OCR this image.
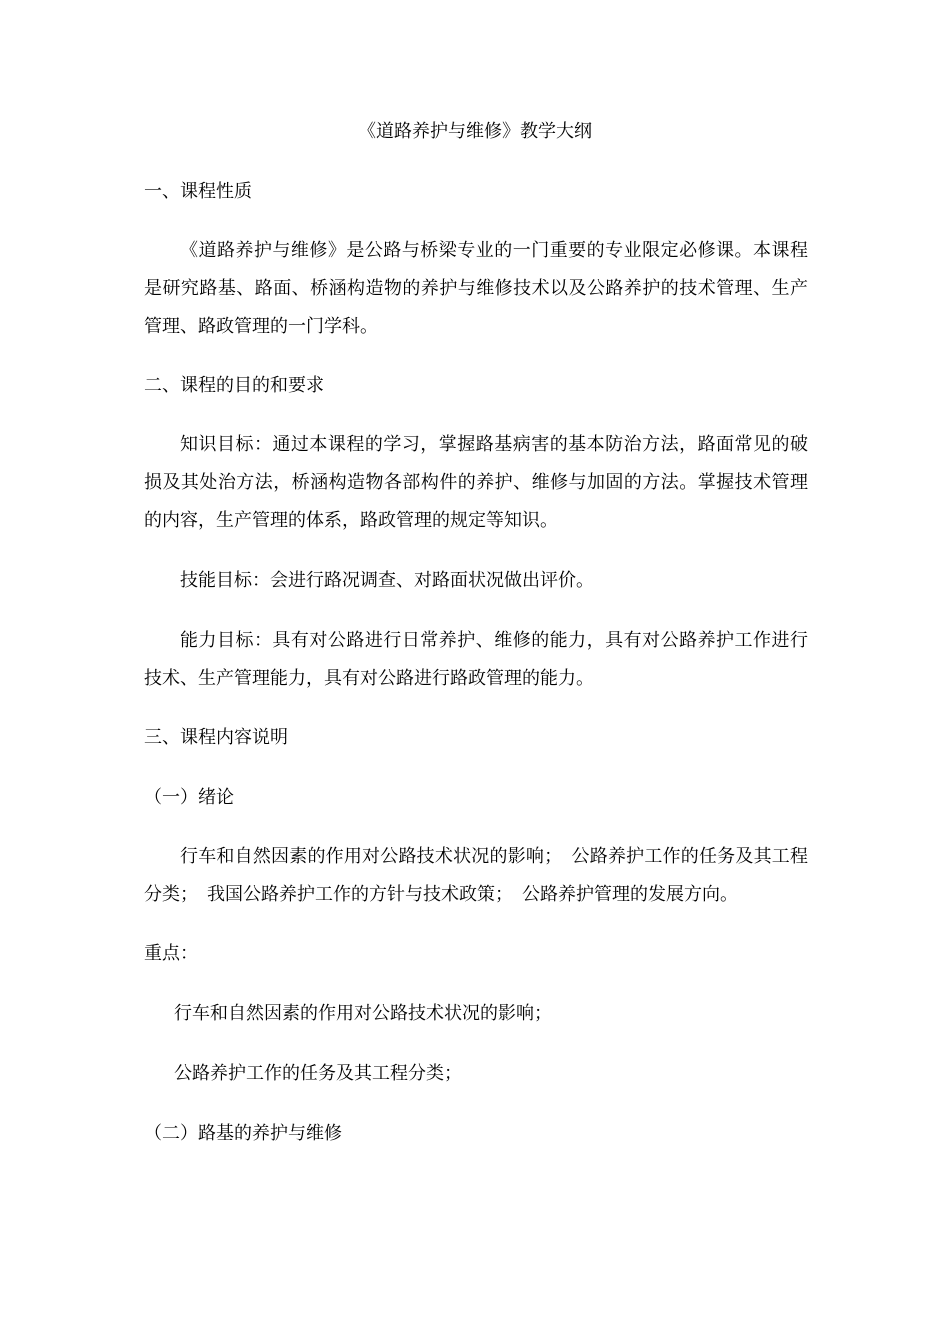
《道路养护与维修》教学大纲
一、课程性质

《道路养护与维修》是公路与桥梁专业的一门重要的专业限定必修课。本课程是研究路基、路面、桥涵构造物的养护与维修技术以及公路养护的技术管理、生产管理、路政管理的一门学科。

二、课程的目的和要求

知识目标：通过本课程的学习，掌握路基病害的基本防治方法，路面常见的破损及其处治方法，桥涵构造物各部构件的养护、维修与加固的方法。掌握技术管理的内容，生产管理的体系，路政管理的规定等知识。

技能目标：会进行路况调查、对路面状况做出评价。

能力目标：具有对公路进行日常养护、维修的能力，具有对公路养护工作进行技术、生产管理能力，具有对公路进行路政管理的能力。

三、课程内容说明
（一）绪论

行车和自然因素的作用对公路技术状况的影响；　公路养护工作的任务及其工程分类；　我国公路养护工作的方针与技术政策；　公路养护管理的发展方向。

重点：
行车和自然因素的作用对公路技术状况的影响；
公路养护工作的任务及其工程分类；
（二）路基的养护与维修
